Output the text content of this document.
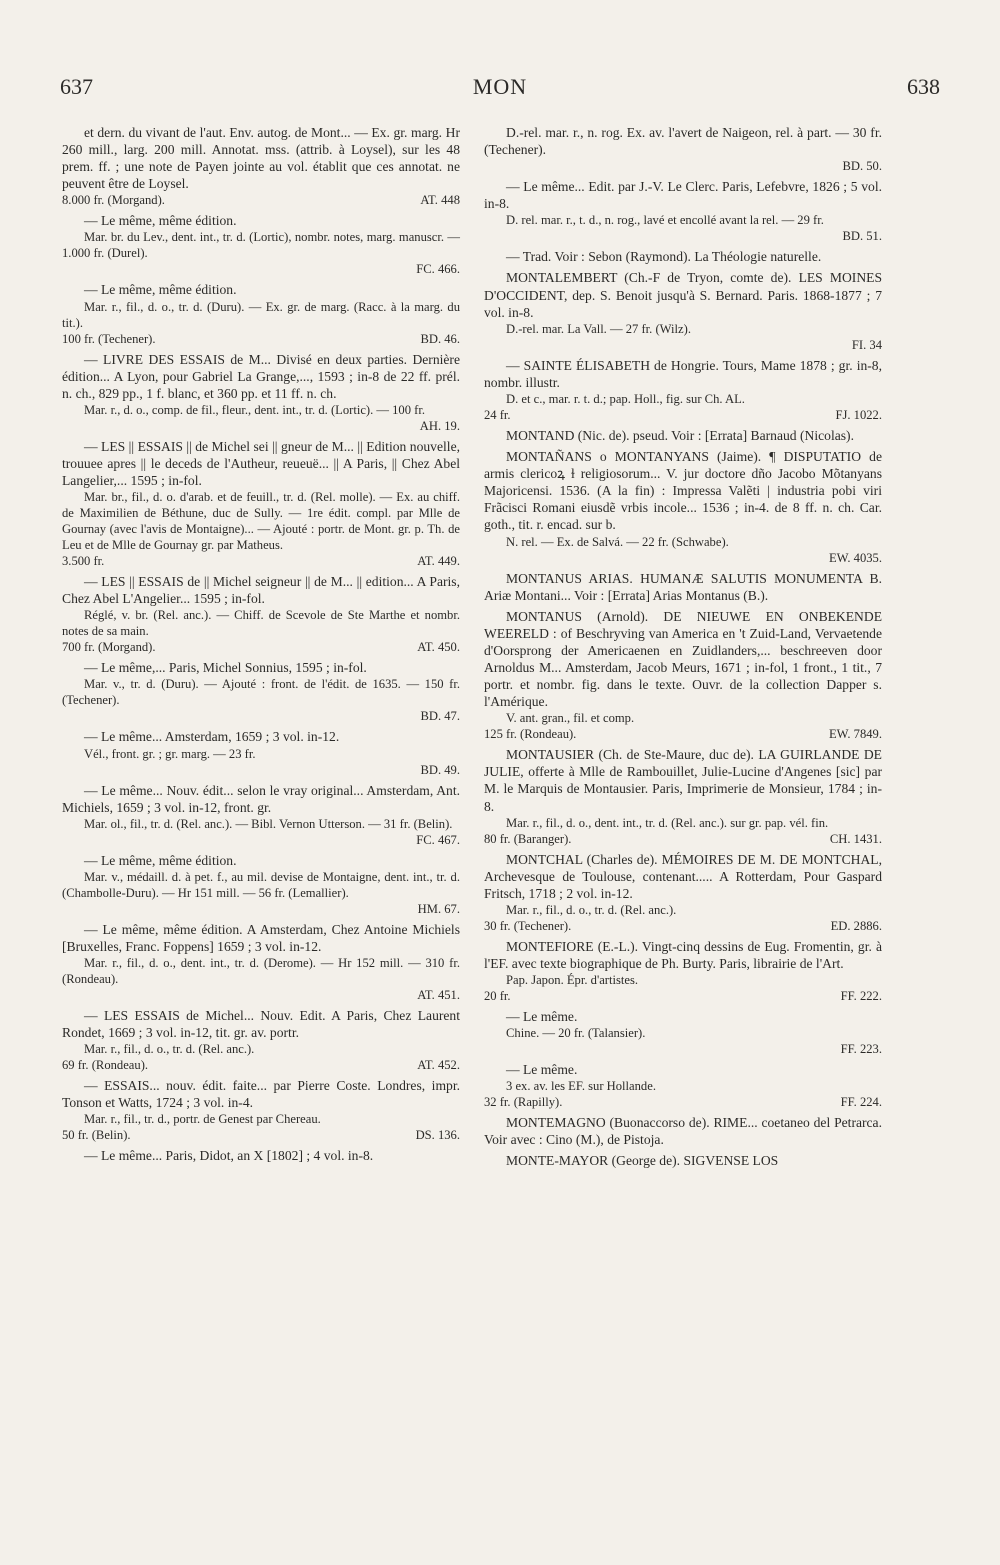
637	MON	638
et dern. du vivant de l'aut. Env. autog. de Mont... — Ex. gr. marg. Hr 260 mill., larg. 200 mill. Annotat. mss. (attrib. à Loysel), sur les 48 prem. ff. ; une note de Payen jointe au vol. établit que ces annotat. ne peuvent être de Loysel.
8.000 fr. (Morgand).	AT. 448
— Le même, même édition.
Mar. br. du Lev., dent. int., tr. d. (Lortic), nombr. notes, marg. manuscr. — 1.000 fr. (Durel).
FC. 466.
— Le même, même édition.
Mar. r., fil., d. o., tr. d. (Duru). — Ex. gr. de marg. (Racc. à la marg. du tit.).
100 fr. (Techener).	BD. 46.
— LIVRE DES ESSAIS de M... Divisé en deux parties. Dernière édition... A Lyon, pour Gabriel La Grange,..., 1593 ; in-8 de 22 ff. prél. n. ch., 829 pp., 1 f. blanc, et 360 pp. et 11 ff. n. ch.
Mar. r., d. o., comp. de fil., fleur., dent. int., tr. d. (Lortic). — 100 fr.
AH. 19.
— LES || ESSAIS || de Michel sei || gneur de M... || Edition nouvelle, trouuee apres || le deceds de l'Autheur, reueuë... || A Paris, || Chez Abel Langelier,... 1595 ; in-fol.
Mar. br., fil., d. o. d'arab. et de feuill., tr. d. (Rel. molle). — Ex. au chiff. de Maximilien de Béthune, duc de Sully. — 1re édit. compl. par Mlle de Gournay (avec l'avis de Montaigne)... — Ajouté : portr. de Mont. gr. p. Th. de Leu et de Mlle de Gournay gr. par Matheus.
3.500 fr.	AT. 449.
— LES || ESSAIS de || Michel seigneur || de M... || edition... A Paris, Chez Abel L'Angelier... 1595 ; in-fol.
Réglé, v. br. (Rel. anc.). — Chiff. de Scevole de Ste Marthe et nombr. notes de sa main.
700 fr. (Morgand).	AT. 450.
— Le même,... Paris, Michel Sonnius, 1595 ; in-fol.
Mar. v., tr. d. (Duru). — Ajouté : front. de l'édit. de 1635. — 150 fr. (Techener).
BD. 47.
— Le même... Amsterdam, 1659 ; 3 vol. in-12.
Vél., front. gr. ; gr. marg. — 23 fr.
BD. 49.
— Le même... Nouv. édit... selon le vray original... Amsterdam, Ant. Michiels, 1659 ; 3 vol. in-12, front. gr.
Mar. ol., fil., tr. d. (Rel. anc.). — Bibl. Vernon Utterson. — 31 fr. (Belin).
FC. 467.
— Le même, même édition.
Mar. v., médaill. d. à pet. f., au mil. devise de Montaigne, dent. int., tr. d. (Chambolle-Duru). — Hr 151 mill. — 56 fr. (Lemallier).
HM. 67.
— Le même, même édition. A Amsterdam, Chez Antoine Michiels [Bruxelles, Franc. Foppens] 1659 ; 3 vol. in-12.
Mar. r., fil., d. o., dent. int., tr. d. (Derome). — Hr 152 mill. — 310 fr. (Rondeau).
AT. 451.
— LES ESSAIS de Michel... Nouv. Edit. A Paris, Chez Laurent Rondet, 1669 ; 3 vol. in-12, tit. gr. av. portr.
Mar. r., fil., d. o., tr. d. (Rel. anc.).
69 fr. (Rondeau).	AT. 452.
— ESSAIS... nouv. édit. faite... par Pierre Coste. Londres, impr. Tonson et Watts, 1724 ; 3 vol. in-4.
Mar. r., fil., tr. d., portr. de Genest par Chereau.
50 fr. (Belin).	DS. 136.
— Le même... Paris, Didot, an X [1802] ; 4 vol. in-8.
D.-rel. mar. r., n. rog. Ex. av. l'avert de Naigeon, rel. à part. — 30 fr. (Techener).
BD. 50.
— Le même... Edit. par J.-V. Le Clerc. Paris, Lefebvre, 1826 ; 5 vol. in-8.
D. rel. mar. r., t. d., n. rog., lavé et encollé avant la rel. — 29 fr.
BD. 51.
— Trad. Voir : Sebon (Raymond). La Théologie naturelle.
MONTALEMBERT (Ch.-F de Tryon, comte de). LES MOINES D'OCCIDENT, dep. S. Benoit jusqu'à S. Bernard. Paris. 1868-1877 ; 7 vol. in-8.
D.-rel. mar. La Vall. — 27 fr. (Wilz).
FI. 34
— SAINTE ÉLISABETH de Hongrie. Tours, Mame 1878 ; gr. in-8, nombr. illustr.
D. et c., mar. r. t. d.; pap. Holl., fig. sur Ch. AL.
24 fr.	FJ. 1022.
MONTAND (Nic. de). pseud. Voir : [Errata] Barnaud (Nicolas).
MONTAÑANS o MONTANYANS (Jaime). ¶ DISPUTATIO de armis clericoꝝ ɫ religiosorum... V. jur doctore dño Jacobo Mõtanyans Majoricensi. 1536. (A la fin) : Impressa Valẽti | industria pobi viri Frãcisci Romani eiusdẽ vrbis incole... 1536 ; in-4. de 8 ff. n. ch. Car. goth., tit. r. encad. sur b.
N. rel. — Ex. de Salvá. — 22 fr. (Schwabe).
EW. 4035.
MONTANUS ARIAS. HUMANÆ SALUTIS MONUMENTA B. Ariæ Montani... Voir : [Errata] Arias Montanus (B.).
MONTANUS (Arnold). DE NIEUWE EN ONBEKENDE WEERELD : of Beschryving van America en 't Zuid-Land, Vervaetende d'Oorsprong der Americaenen en Zuidlanders,... beschreeven door Arnoldus M... Amsterdam, Jacob Meurs, 1671 ; in-fol, 1 front., 1 tit., 7 portr. et nombr. fig. dans le texte. Ouvr. de la collection Dapper s. l'Amérique.
V. ant. gran., fil. et comp.
125 fr. (Rondeau).	EW. 7849.
MONTAUSIER (Ch. de Ste-Maure, duc de). LA GUIRLANDE DE JULIE, offerte à Mlle de Rambouillet, Julie-Lucine d'Angenes [sic] par M. le Marquis de Montausier. Paris, Imprimerie de Monsieur, 1784 ; in-8.
Mar. r., fil., d. o., dent. int., tr. d. (Rel. anc.). sur gr. pap. vél. fin.
80 fr. (Baranger).	CH. 1431.
MONTCHAL (Charles de). MÉMOIRES DE M. DE MONTCHAL, Archevesque de Toulouse, contenant..... A Rotterdam, Pour Gaspard Fritsch, 1718 ; 2 vol. in-12.
Mar. r., fil., d. o., tr. d. (Rel. anc.).
30 fr. (Techener).	ED. 2886.
MONTEFIORE (E.-L.). Vingt-cinq dessins de Eug. Fromentin, gr. à l'EF. avec texte biographique de Ph. Burty. Paris, librairie de l'Art.
Pap. Japon. Épr. d'artistes.
20 fr.	FF. 222.
— Le même.
Chine. — 20 fr. (Talansier).
FF. 223.
— Le même.
3 ex. av. les EF. sur Hollande.
32 fr. (Rapilly).	FF. 224.
MONTEMAGNO (Buonaccorso de). RIME... coetaneo del Petrarca. Voir avec : Cino (M.), de Pistoja.
MONTE-MAYOR (George de). SIGVENSE LOS
